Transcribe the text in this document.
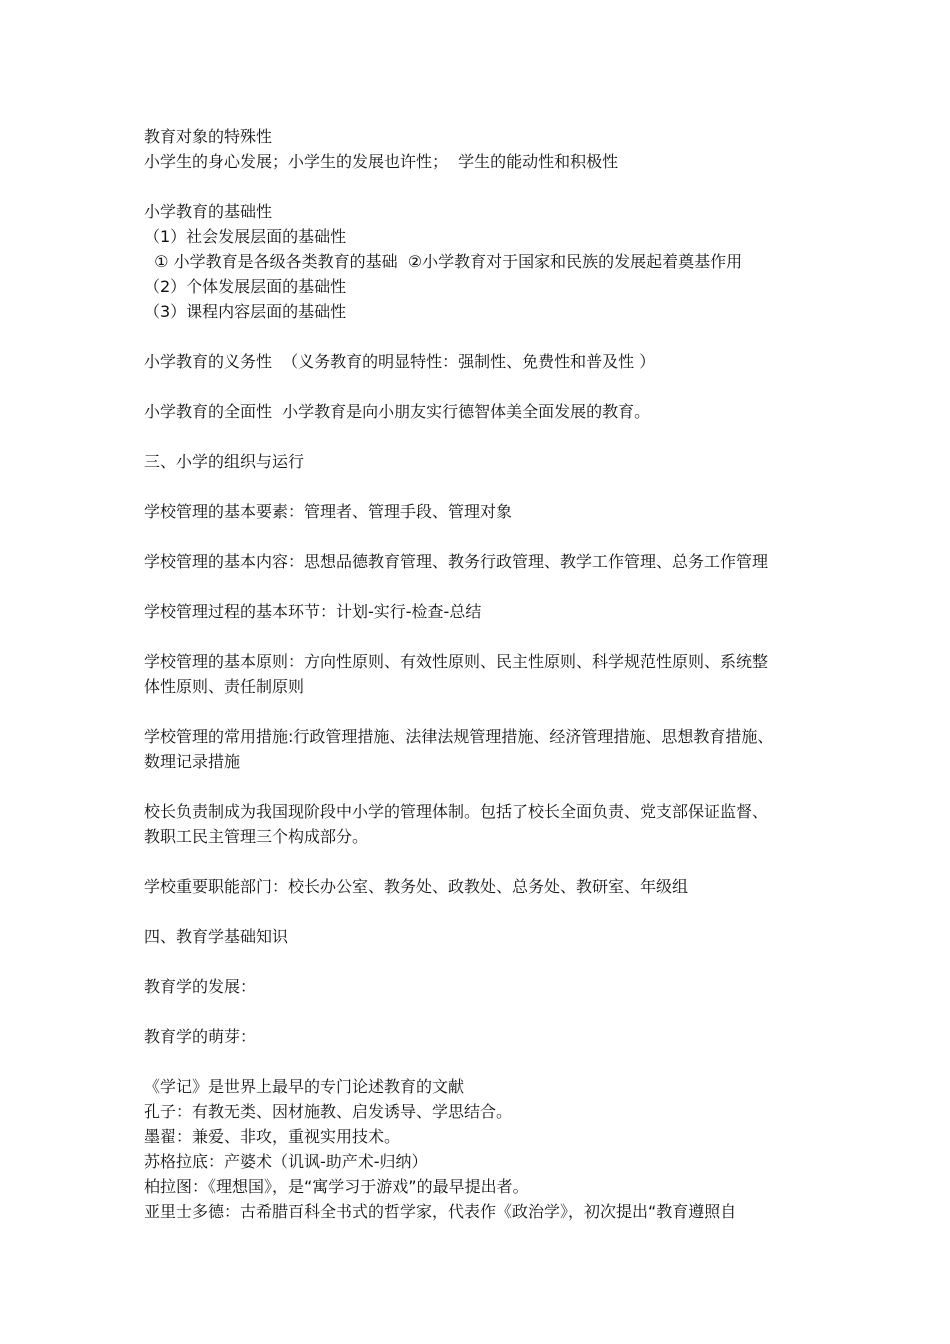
教育对象的特殊性
小学生的身心发展；小学生的发展也许性；  学生的能动性和积极性
小学教育的基础性
（1）社会发展层面的基础性
① 小学教育是各级各类教育的基础  ②小学教育对于国家和民族的发展起着奠基作用
（2）个体发展层面的基础性
（3）课程内容层面的基础性
小学教育的义务性  （义务教育的明显特性：强制性、免费性和普及性 ）
小学教育的全面性  小学教育是向小朋友实行德智体美全面发展的教育。
三、小学的组织与运行
学校管理的基本要素：管理者、管理手段、管理对象
学校管理的基本内容：思想品德教育管理、教务行政管理、教学工作管理、总务工作管理
学校管理过程的基本环节：计划-实行-检查-总结
学校管理的基本原则：方向性原则、有效性原则、民主性原则、科学规范性原则、系统整
体性原则、责任制原则
学校管理的常用措施:行政管理措施、法律法规管理措施、经济管理措施、思想教育措施、
数理记录措施
校长负责制成为我国现阶段中小学的管理体制。包括了校长全面负责、党支部保证监督、
教职工民主管理三个构成部分。
学校重要职能部门：校长办公室、教务处、政教处、总务处、教研室、年级组
四、教育学基础知识
教育学的发展：
教育学的萌芽：
《学记》是世界上最早的专门论述教育的文献
孔子：有教无类、因材施教、启发诱导、学思结合。
墨翟：兼爱、非攻，重视实用技术。
苏格拉底：产婆术（讥讽-助产术-归纳）
柏拉图：《理想国》，是“寓学习于游戏”的最早提出者。
亚里士多德：古希腊百科全书式的哲学家，代表作《政治学》，初次提出“教育遵照自
